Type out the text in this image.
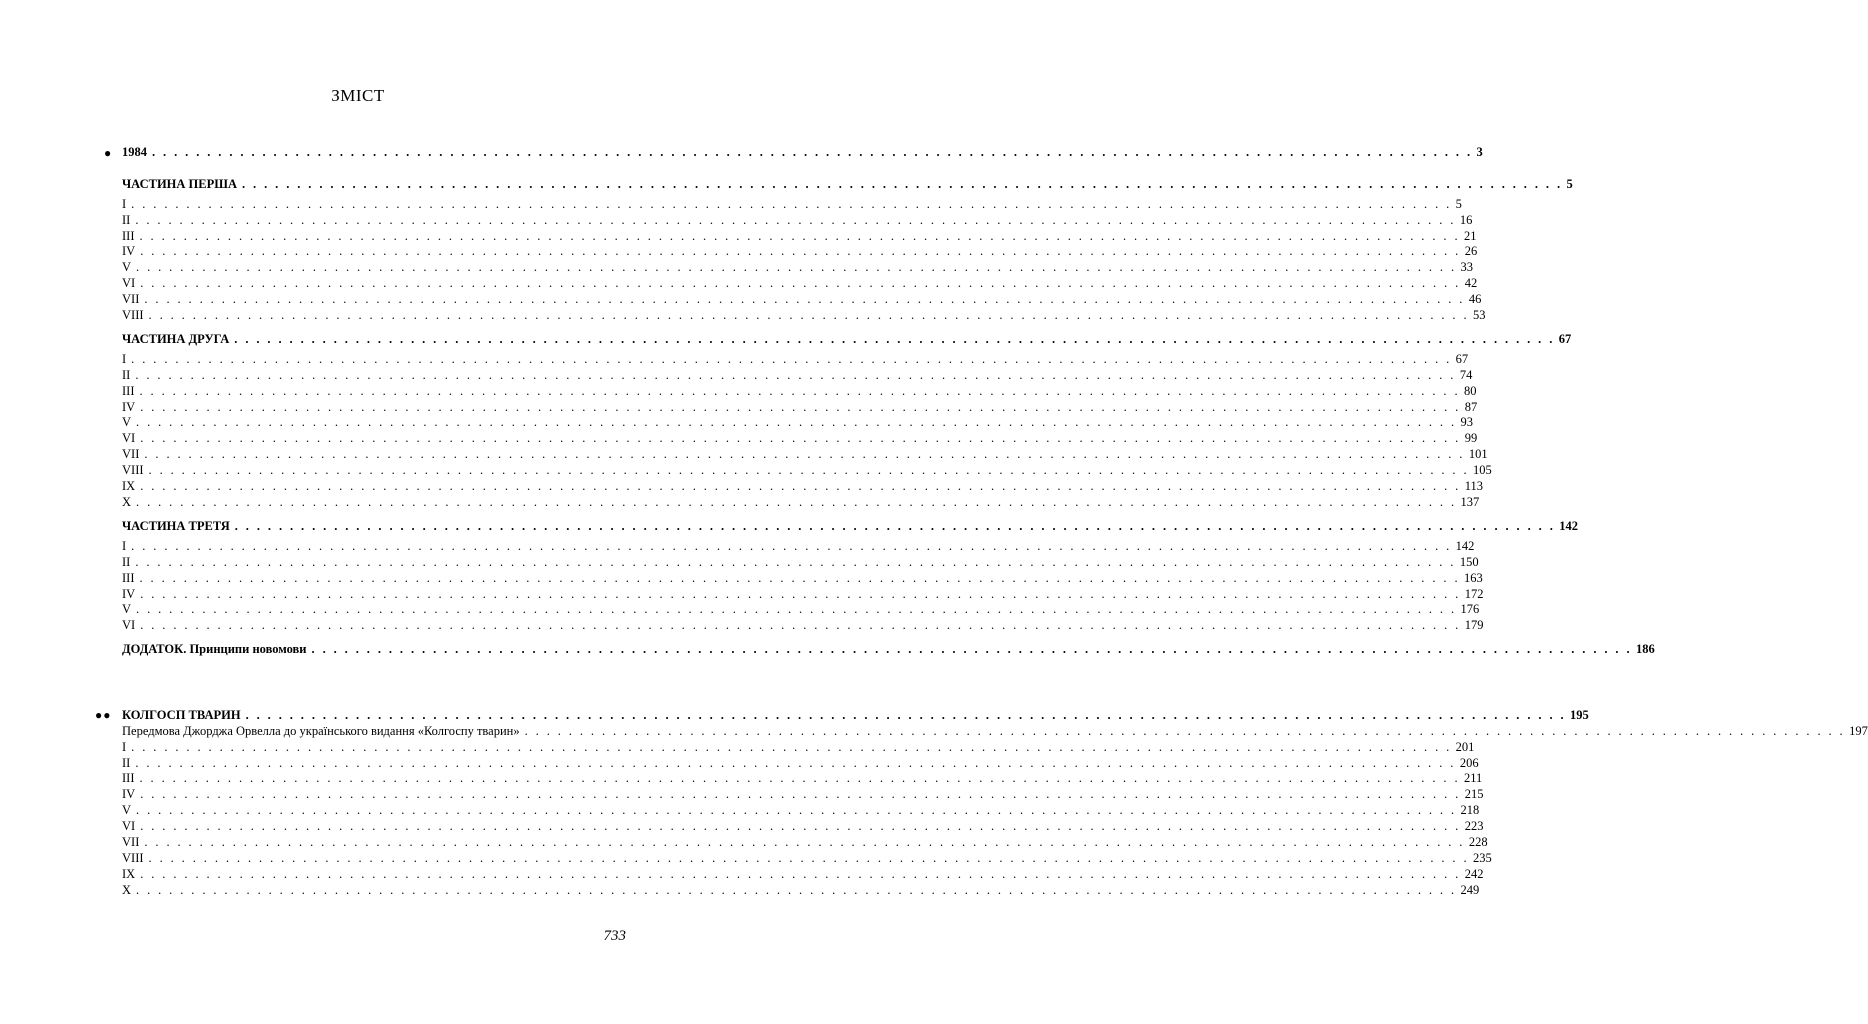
ЗМІСТ
●
●●
1984 . . . . . . . . . . . . . . . . . . . . . . . . . . . . . . . . . . . . . . . . . . . . . . . . . . . . . . . . . . . . . . . . . . . . . . . . . . . . . . . . . . . . . . . . . . . . . . . . . . . . . . . . . . . . . . . . . . . . . . . . 3
ЧАСТИНА ПЕРША . . . . . . . . . . . . . . . . . . . . . . . . . . . . . . . . . . . . . . . . . . . . . . . . . . . . . . . . . . . . . . . . . . . . . . . . . . . . . . . . . . . . . . . . . . . . . . . . . . . . . . . . . . . . . . . . . . . . . . . . 5
I . . . . . . . . . . . . . . . . . . . . . . . . . . . . . . . . . . . . . . . . . . . . . . . . . . . . . . . . . . . . . . . . . . . . . . . . . . . . . . . . . . . . . . . . . . . . . . . . . . . . . . . . . . . . . . . . . . . . . . . . 5
II . . . . . . . . . . . . . . . . . . . . . . . . . . . . . . . . . . . . . . . . . . . . . . . . . . . . . . . . . . . . . . . . . . . . . . . . . . . . . . . . . . . . . . . . . . . . . . . . . . . . . . . . . . . . . . . . . . . . . . . . 16
III . . . . . . . . . . . . . . . . . . . . . . . . . . . . . . . . . . . . . . . . . . . . . . . . . . . . . . . . . . . . . . . . . . . . . . . . . . . . . . . . . . . . . . . . . . . . . . . . . . . . . . . . . . . . . . . . . . . . . . . . 21
IV . . . . . . . . . . . . . . . . . . . . . . . . . . . . . . . . . . . . . . . . . . . . . . . . . . . . . . . . . . . . . . . . . . . . . . . . . . . . . . . . . . . . . . . . . . . . . . . . . . . . . . . . . . . . . . . . . . . . . . . . 26
V . . . . . . . . . . . . . . . . . . . . . . . . . . . . . . . . . . . . . . . . . . . . . . . . . . . . . . . . . . . . . . . . . . . . . . . . . . . . . . . . . . . . . . . . . . . . . . . . . . . . . . . . . . . . . . . . . . . . . . . . 33
VI . . . . . . . . . . . . . . . . . . . . . . . . . . . . . . . . . . . . . . . . . . . . . . . . . . . . . . . . . . . . . . . . . . . . . . . . . . . . . . . . . . . . . . . . . . . . . . . . . . . . . . . . . . . . . . . . . . . . . . . . 42
VII . . . . . . . . . . . . . . . . . . . . . . . . . . . . . . . . . . . . . . . . . . . . . . . . . . . . . . . . . . . . . . . . . . . . . . . . . . . . . . . . . . . . . . . . . . . . . . . . . . . . . . . . . . . . . . . . . . . . . . . . 46
VIII . . . . . . . . . . . . . . . . . . . . . . . . . . . . . . . . . . . . . . . . . . . . . . . . . . . . . . . . . . . . . . . . . . . . . . . . . . . . . . . . . . . . . . . . . . . . . . . . . . . . . . . . . . . . . . . . . . . . . . . . 53
ЧАСТИНА ДРУГА . . . . . . . . . . . . . . . . . . . . . . . . . . . . . . . . . . . . . . . . . . . . . . . . . . . . . . . . . . . . . . . . . . . . . . . . . . . . . . . . . . . . . . . . . . . . . . . . . . . . . . . . . . . . . . . . . . . . . . . . 67
I . . . . . . . . . . . . . . . . . . . . . . . . . . . . . . . . . . . . . . . . . . . . . . . . . . . . . . . . . . . . . . . . . . . . . . . . . . . . . . . . . . . . . . . . . . . . . . . . . . . . . . . . . . . . . . . . . . . . . . . . 67
II . . . . . . . . . . . . . . . . . . . . . . . . . . . . . . . . . . . . . . . . . . . . . . . . . . . . . . . . . . . . . . . . . . . . . . . . . . . . . . . . . . . . . . . . . . . . . . . . . . . . . . . . . . . . . . . . . . . . . . . . 74
III . . . . . . . . . . . . . . . . . . . . . . . . . . . . . . . . . . . . . . . . . . . . . . . . . . . . . . . . . . . . . . . . . . . . . . . . . . . . . . . . . . . . . . . . . . . . . . . . . . . . . . . . . . . . . . . . . . . . . . . . 80
IV . . . . . . . . . . . . . . . . . . . . . . . . . . . . . . . . . . . . . . . . . . . . . . . . . . . . . . . . . . . . . . . . . . . . . . . . . . . . . . . . . . . . . . . . . . . . . . . . . . . . . . . . . . . . . . . . . . . . . . . . 87
V . . . . . . . . . . . . . . . . . . . . . . . . . . . . . . . . . . . . . . . . . . . . . . . . . . . . . . . . . . . . . . . . . . . . . . . . . . . . . . . . . . . . . . . . . . . . . . . . . . . . . . . . . . . . . . . . . . . . . . . . 93
VI . . . . . . . . . . . . . . . . . . . . . . . . . . . . . . . . . . . . . . . . . . . . . . . . . . . . . . . . . . . . . . . . . . . . . . . . . . . . . . . . . . . . . . . . . . . . . . . . . . . . . . . . . . . . . . . . . . . . . . . . 99
VII . . . . . . . . . . . . . . . . . . . . . . . . . . . . . . . . . . . . . . . . . . . . . . . . . . . . . . . . . . . . . . . . . . . . . . . . . . . . . . . . . . . . . . . . . . . . . . . . . . . . . . . . . . . . . . . . . . . . . . . . 101
VIII . . . . . . . . . . . . . . . . . . . . . . . . . . . . . . . . . . . . . . . . . . . . . . . . . . . . . . . . . . . . . . . . . . . . . . . . . . . . . . . . . . . . . . . . . . . . . . . . . . . . . . . . . . . . . . . . . . . . . . . . 105
IX . . . . . . . . . . . . . . . . . . . . . . . . . . . . . . . . . . . . . . . . . . . . . . . . . . . . . . . . . . . . . . . . . . . . . . . . . . . . . . . . . . . . . . . . . . . . . . . . . . . . . . . . . . . . . . . . . . . . . . . . 113
X . . . . . . . . . . . . . . . . . . . . . . . . . . . . . . . . . . . . . . . . . . . . . . . . . . . . . . . . . . . . . . . . . . . . . . . . . . . . . . . . . . . . . . . . . . . . . . . . . . . . . . . . . . . . . . . . . . . . . . . . 137
ЧАСТИНА ТРЕТЯ . . . . . . . . . . . . . . . . . . . . . . . . . . . . . . . . . . . . . . . . . . . . . . . . . . . . . . . . . . . . . . . . . . . . . . . . . . . . . . . . . . . . . . . . . . . . . . . . . . . . . . . . . . . . . . . . . . . . . . . . 142
I . . . . . . . . . . . . . . . . . . . . . . . . . . . . . . . . . . . . . . . . . . . . . . . . . . . . . . . . . . . . . . . . . . . . . . . . . . . . . . . . . . . . . . . . . . . . . . . . . . . . . . . . . . . . . . . . . . . . . . . . 142
II . . . . . . . . . . . . . . . . . . . . . . . . . . . . . . . . . . . . . . . . . . . . . . . . . . . . . . . . . . . . . . . . . . . . . . . . . . . . . . . . . . . . . . . . . . . . . . . . . . . . . . . . . . . . . . . . . . . . . . . . 150
III . . . . . . . . . . . . . . . . . . . . . . . . . . . . . . . . . . . . . . . . . . . . . . . . . . . . . . . . . . . . . . . . . . . . . . . . . . . . . . . . . . . . . . . . . . . . . . . . . . . . . . . . . . . . . . . . . . . . . . . . 163
IV . . . . . . . . . . . . . . . . . . . . . . . . . . . . . . . . . . . . . . . . . . . . . . . . . . . . . . . . . . . . . . . . . . . . . . . . . . . . . . . . . . . . . . . . . . . . . . . . . . . . . . . . . . . . . . . . . . . . . . . . 172
V . . . . . . . . . . . . . . . . . . . . . . . . . . . . . . . . . . . . . . . . . . . . . . . . . . . . . . . . . . . . . . . . . . . . . . . . . . . . . . . . . . . . . . . . . . . . . . . . . . . . . . . . . . . . . . . . . . . . . . . . 176
VI . . . . . . . . . . . . . . . . . . . . . . . . . . . . . . . . . . . . . . . . . . . . . . . . . . . . . . . . . . . . . . . . . . . . . . . . . . . . . . . . . . . . . . . . . . . . . . . . . . . . . . . . . . . . . . . . . . . . . . . . 179
ДОДАТОК. Принципи новомови . . . . . . . . . . . . . . . . . . . . . . . . . . . . . . . . . . . . . . . . . . . . . . . . . . . . . . . . . . . . . . . . . . . . . . . . . . . . . . . . . . . . . . . . . . . . . . . . . . . . . . . . . . . . . . . . . . . . . . . . 186
КОЛГОСП ТВАРИН . . . . . . . . . . . . . . . . . . . . . . . . . . . . . . . . . . . . . . . . . . . . . . . . . . . . . . . . . . . . . . . . . . . . . . . . . . . . . . . . . . . . . . . . . . . . . . . . . . . . . . . . . . . . . . . . . . . . . . . . 195
Передмова Джорджа Орвелла до українського видання «Колгоспу тварин» . . . . . . . . . . . . . . . . . . . . . . . . . . . . . . . . . . . . . . . . . . . . . . . . . . . . . . . . . . . . . . . . . . . . . . . . . . . . . . . . . . . . . . . . . . . . . . . . . . . . . . . . . . . . . . . . . . . . . . . . 197
I . . . . . . . . . . . . . . . . . . . . . . . . . . . . . . . . . . . . . . . . . . . . . . . . . . . . . . . . . . . . . . . . . . . . . . . . . . . . . . . . . . . . . . . . . . . . . . . . . . . . . . . . . . . . . . . . . . . . . . . . 201
II . . . . . . . . . . . . . . . . . . . . . . . . . . . . . . . . . . . . . . . . . . . . . . . . . . . . . . . . . . . . . . . . . . . . . . . . . . . . . . . . . . . . . . . . . . . . . . . . . . . . . . . . . . . . . . . . . . . . . . . . 206
III . . . . . . . . . . . . . . . . . . . . . . . . . . . . . . . . . . . . . . . . . . . . . . . . . . . . . . . . . . . . . . . . . . . . . . . . . . . . . . . . . . . . . . . . . . . . . . . . . . . . . . . . . . . . . . . . . . . . . . . . 211
IV . . . . . . . . . . . . . . . . . . . . . . . . . . . . . . . . . . . . . . . . . . . . . . . . . . . . . . . . . . . . . . . . . . . . . . . . . . . . . . . . . . . . . . . . . . . . . . . . . . . . . . . . . . . . . . . . . . . . . . . . 215
V . . . . . . . . . . . . . . . . . . . . . . . . . . . . . . . . . . . . . . . . . . . . . . . . . . . . . . . . . . . . . . . . . . . . . . . . . . . . . . . . . . . . . . . . . . . . . . . . . . . . . . . . . . . . . . . . . . . . . . . . 218
VI . . . . . . . . . . . . . . . . . . . . . . . . . . . . . . . . . . . . . . . . . . . . . . . . . . . . . . . . . . . . . . . . . . . . . . . . . . . . . . . . . . . . . . . . . . . . . . . . . . . . . . . . . . . . . . . . . . . . . . . . 223
VII . . . . . . . . . . . . . . . . . . . . . . . . . . . . . . . . . . . . . . . . . . . . . . . . . . . . . . . . . . . . . . . . . . . . . . . . . . . . . . . . . . . . . . . . . . . . . . . . . . . . . . . . . . . . . . . . . . . . . . . . 228
VIII . . . . . . . . . . . . . . . . . . . . . . . . . . . . . . . . . . . . . . . . . . . . . . . . . . . . . . . . . . . . . . . . . . . . . . . . . . . . . . . . . . . . . . . . . . . . . . . . . . . . . . . . . . . . . . . . . . . . . . . . 235
IX . . . . . . . . . . . . . . . . . . . . . . . . . . . . . . . . . . . . . . . . . . . . . . . . . . . . . . . . . . . . . . . . . . . . . . . . . . . . . . . . . . . . . . . . . . . . . . . . . . . . . . . . . . . . . . . . . . . . . . . . 242
X . . . . . . . . . . . . . . . . . . . . . . . . . . . . . . . . . . . . . . . . . . . . . . . . . . . . . . . . . . . . . . . . . . . . . . . . . . . . . . . . . . . . . . . . . . . . . . . . . . . . . . . . . . . . . . . . . . . . . . . . 249
733
